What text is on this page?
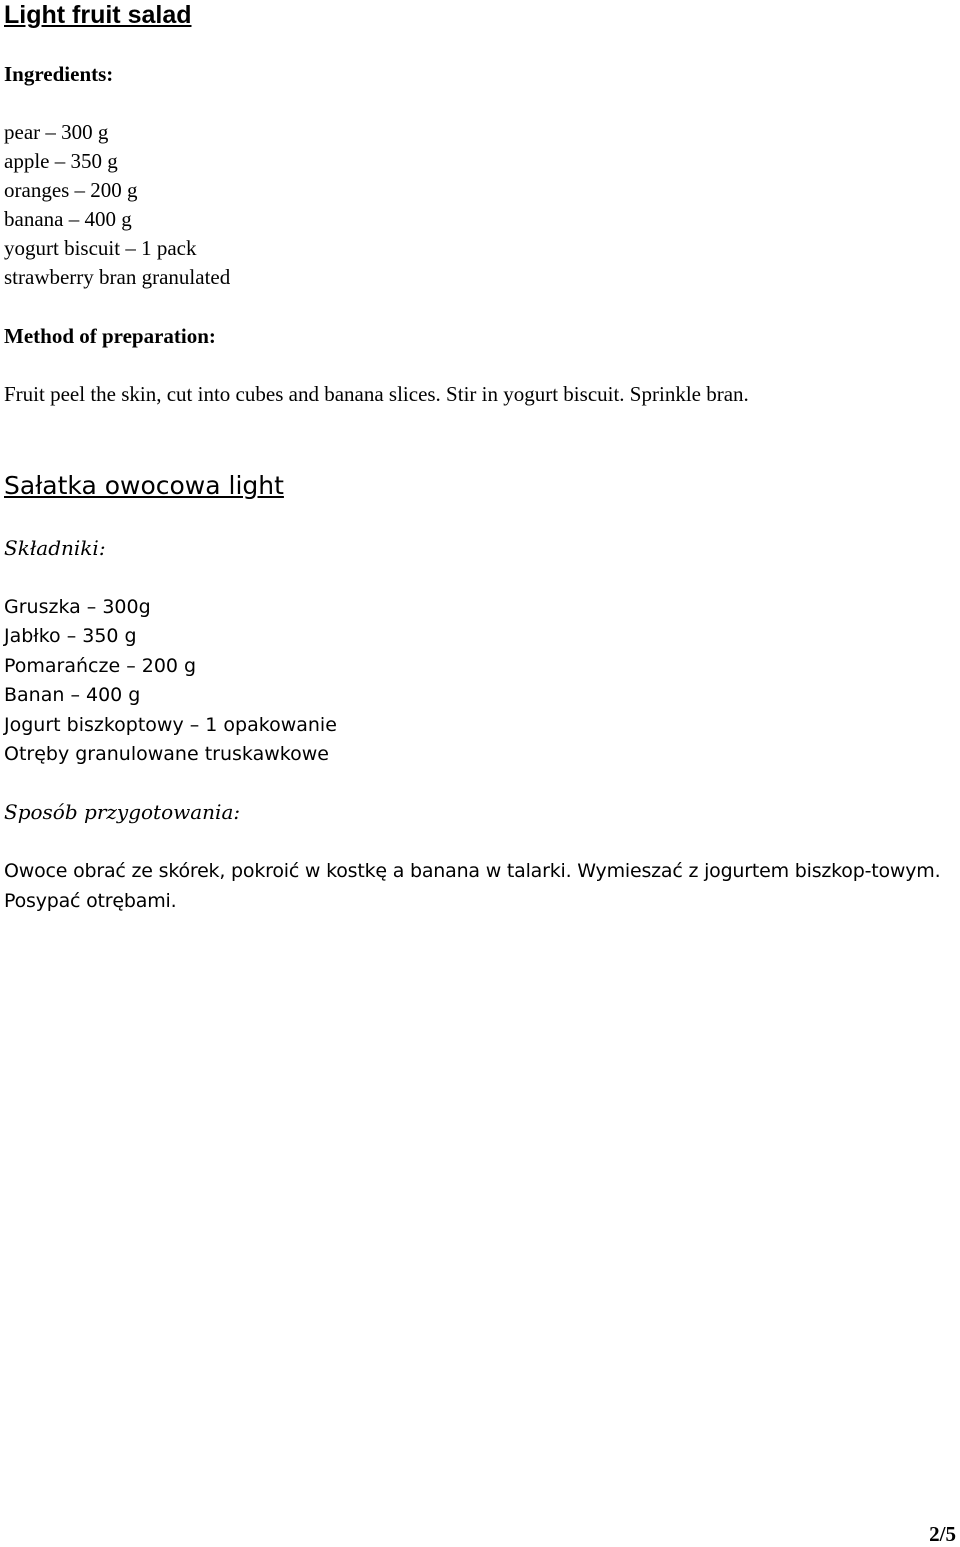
Light fruit salad
Ingredients:
pear – 300 g
apple – 350 g
oranges – 200 g
banana – 400 g
yogurt biscuit – 1 pack
strawberry bran granulated
Method of preparation:

Fruit peel the skin, cut into cubes and banana slices. Stir in yogurt biscuit. Sprinkle bran.

Sałatka owocowa light
Składniki:
Gruszka – 300g
Jabłko – 350 g
Pomarańcze – 200 g
Banan – 400 g
Jogurt biszkoptowy – 1 opakowanie
Otręby granulowane truskawkowe
Sposób przygotowania:

Owoce obrać ze skórek, pokroić w kostkę a banana w talarki. Wymieszać z jogurtem biszkop-towym. Posypać otrębami.

2/5
